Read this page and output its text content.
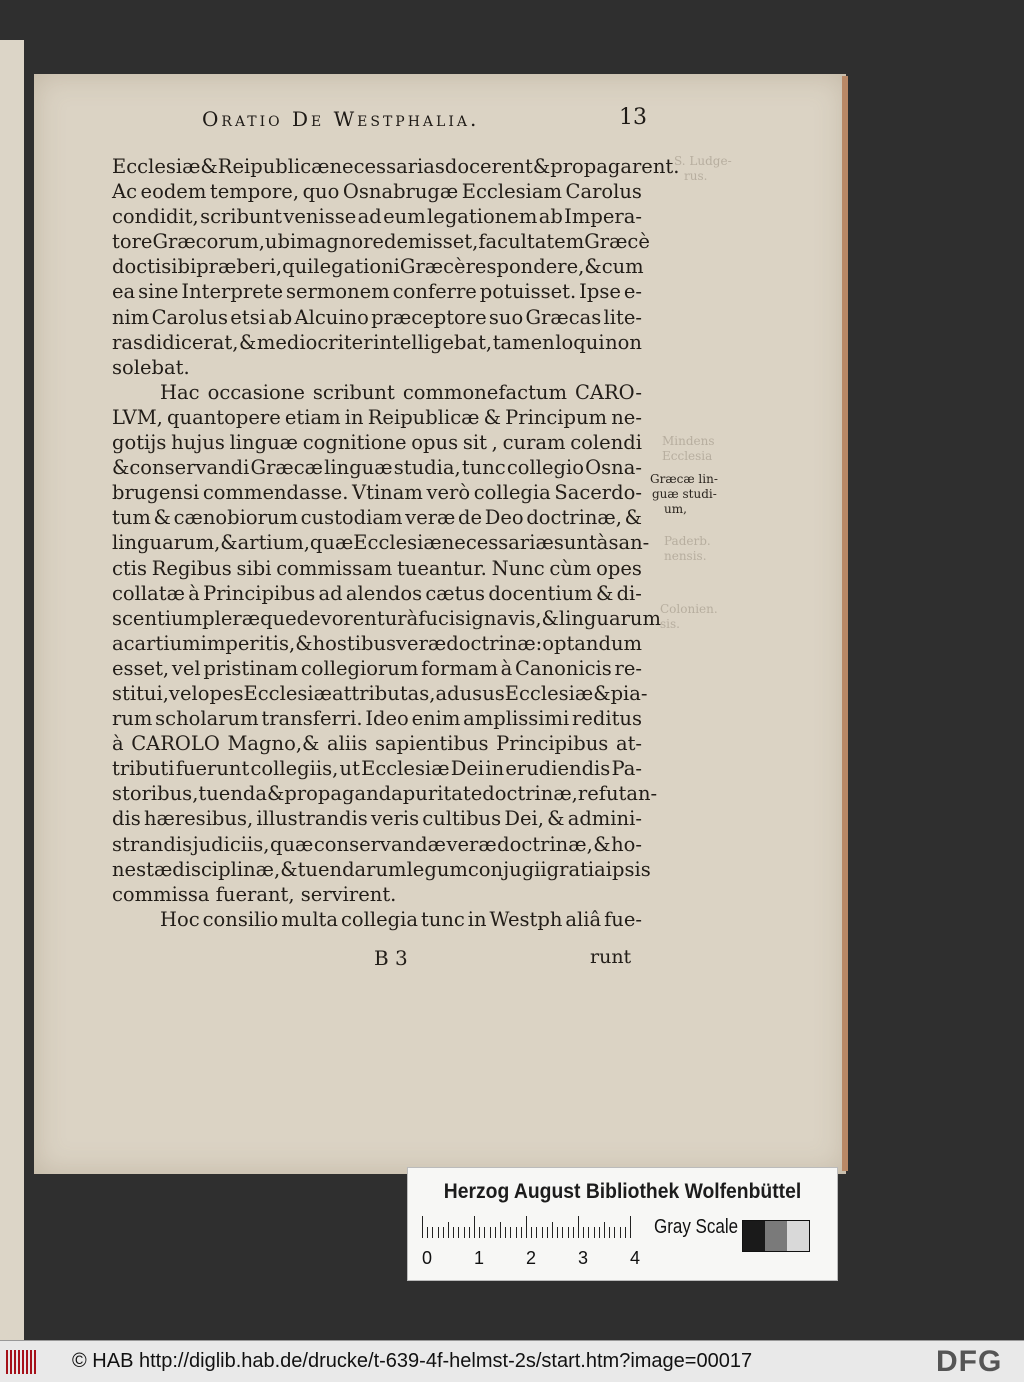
Oratio De Westphalia.	13
Ecclesiæ&Reipublicæ necessarias docerent &propagarent.
Ac eodem tempore, quo Osnabrugæ Ecclesiam Carolus
condidit, scribunt venisse ad eum legationem ab Impera-
tore Græcorum, ubi magno redemisset, facultatem Græcè
docti sibi præberi, qui legationi Græcè respondere,& cum
ea sine Interprete sermonem conferre potuisset. Ipse e-
nim Carolus etsi ab Alcuino præceptore suo Græcas lite-
ras didicerat, & mediocriter intelligebat, tamen loqui non
solebat.
Hac occasione scribunt commonefactum CARO-
LVM, quantopere etiam in Reipublicæ & Principum ne-
gotijs hujus linguæ cognitione opus sit , curam colendi
&conservandi Græcæ linguæ studia, tunc collegio Osna-
brugensi commendasse. Vtinam verò collegia Sacerdo-
tum & cænobiorum custodiam veræ de Deo doctrinæ, &
linguarum, & artium, quæ Ecclesiæ necessariæ sunt à san-
ctis Regibus sibi commissam tueantur. Nunc cùm opes
collatæ à Principibus ad alendos cætus docentium & di-
scentium pleræque devorentur à fucis ignavis,&linguarum
ac artium imperitis, & hostibus veræ doctrinæ: optandum
esset, vel pristinam collegiorum formam à Canonicis re-
stitui, vel opes Ecclesiæ attributas, ad usus Ecclesiæ & pia-
rum scholarum transferri. Ideo enim amplissimi reditus
à CAROLO Magno,& aliis sapientibus Principibus at-
tributi fuerunt collegiis, ut Ecclesiæ Dei in erudiendis Pa-
storibus, tuenda & propaganda puritate doctrinæ, refutan-
dis hæresibus, illustrandis veris cultibus Dei, & admini-
strandis judiciis, quæ conservandæ veræ doctrinæ, & ho-
nestæ disciplinæ, & tuendarum legum conjugii gratia ipsis
commissa fuerant, servirent.
Hoc consilio multa collegia tunc in Westph aliâ fue-
Græcæ lin-
guæ studi-
um,
S. Ludge-
rus.
Mindens
Ecclesia
Paderb.
nensis.
Colonien.
sis.
B 3	runt
Herzog August Bibliothek Wolfenbüttel
0 1 2 3 4
Gray Scale
© HAB http://diglib.hab.de/drucke/t-639-4f-helmst-2s/start.htm?image=00017	DFG
